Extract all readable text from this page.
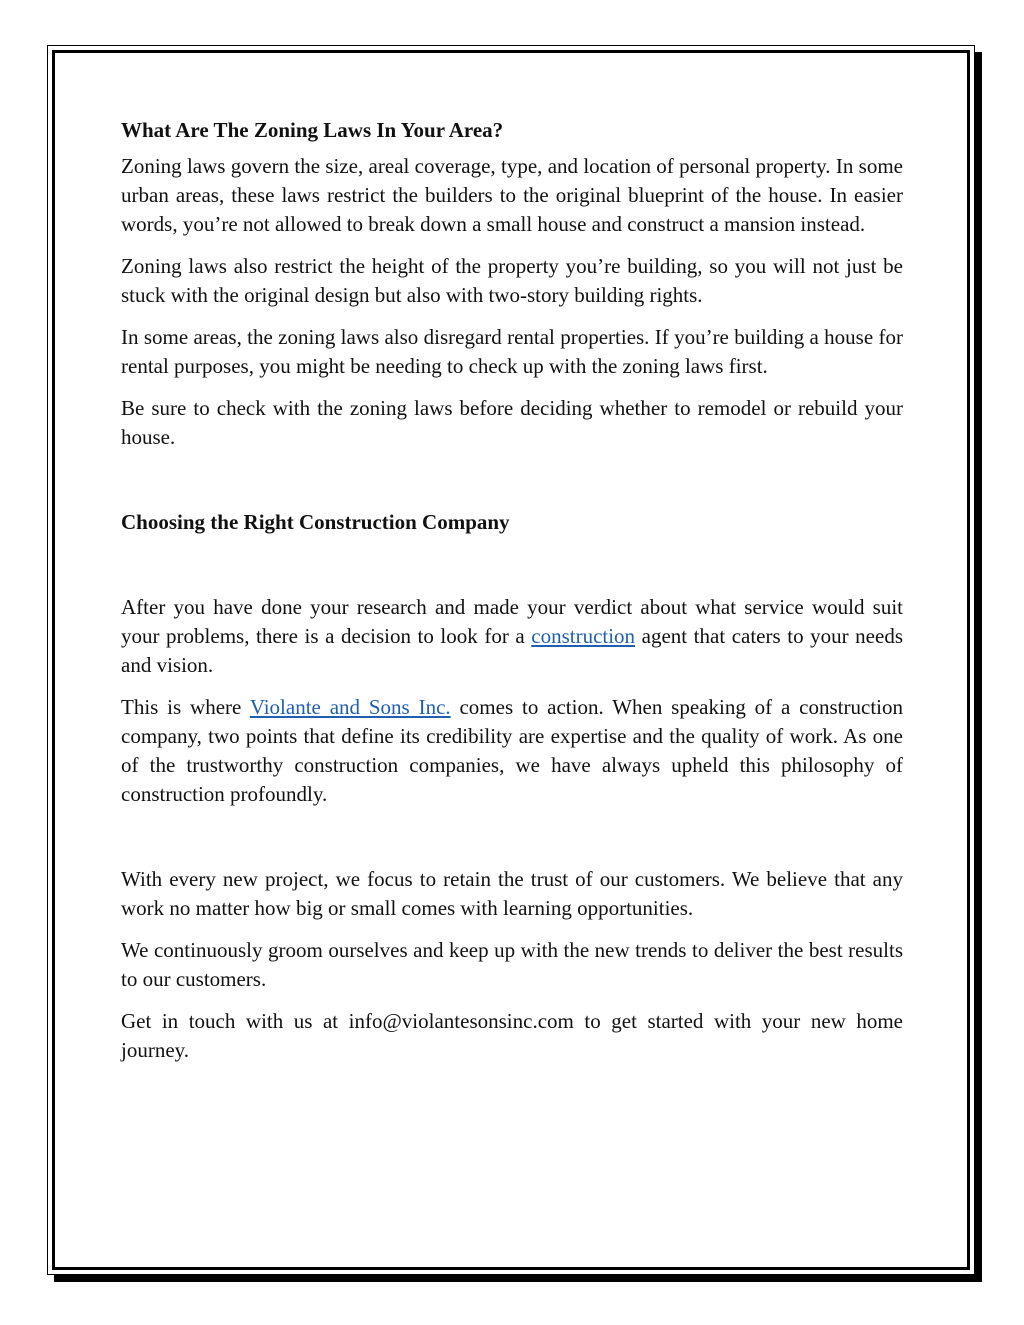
What Are The Zoning Laws In Your Area?

Zoning laws govern the size, areal coverage, type, and location of personal property. In some urban areas, these laws restrict the builders to the original blueprint of the house. In easier words, you’re not allowed to break down a small house and construct a mansion instead.

Zoning laws also restrict the height of the property you’re building, so you will not just be stuck with the original design but also with two-story building rights.

In some areas, the zoning laws also disregard rental properties. If you’re building a house for rental purposes, you might be needing to check up with the zoning laws first.

Be sure to check with the zoning laws before deciding whether to remodel or rebuild your house.

Choosing the Right Construction Company

After you have done your research and made your verdict about what service would suit your problems, there is a decision to look for a construction agent that caters to your needs and vision.

This is where Violante and Sons Inc. comes to action. When speaking of a construction company, two points that define its credibility are expertise and the quality of work. As one of the trustworthy construction companies, we have always upheld this philosophy of construction profoundly.

With every new project, we focus to retain the trust of our customers. We believe that any work no matter how big or small comes with learning opportunities.

We continuously groom ourselves and keep up with the new trends to deliver the best results to our customers.

Get in touch with us at info@violantesonsinc.com to get started with your new home journey.
